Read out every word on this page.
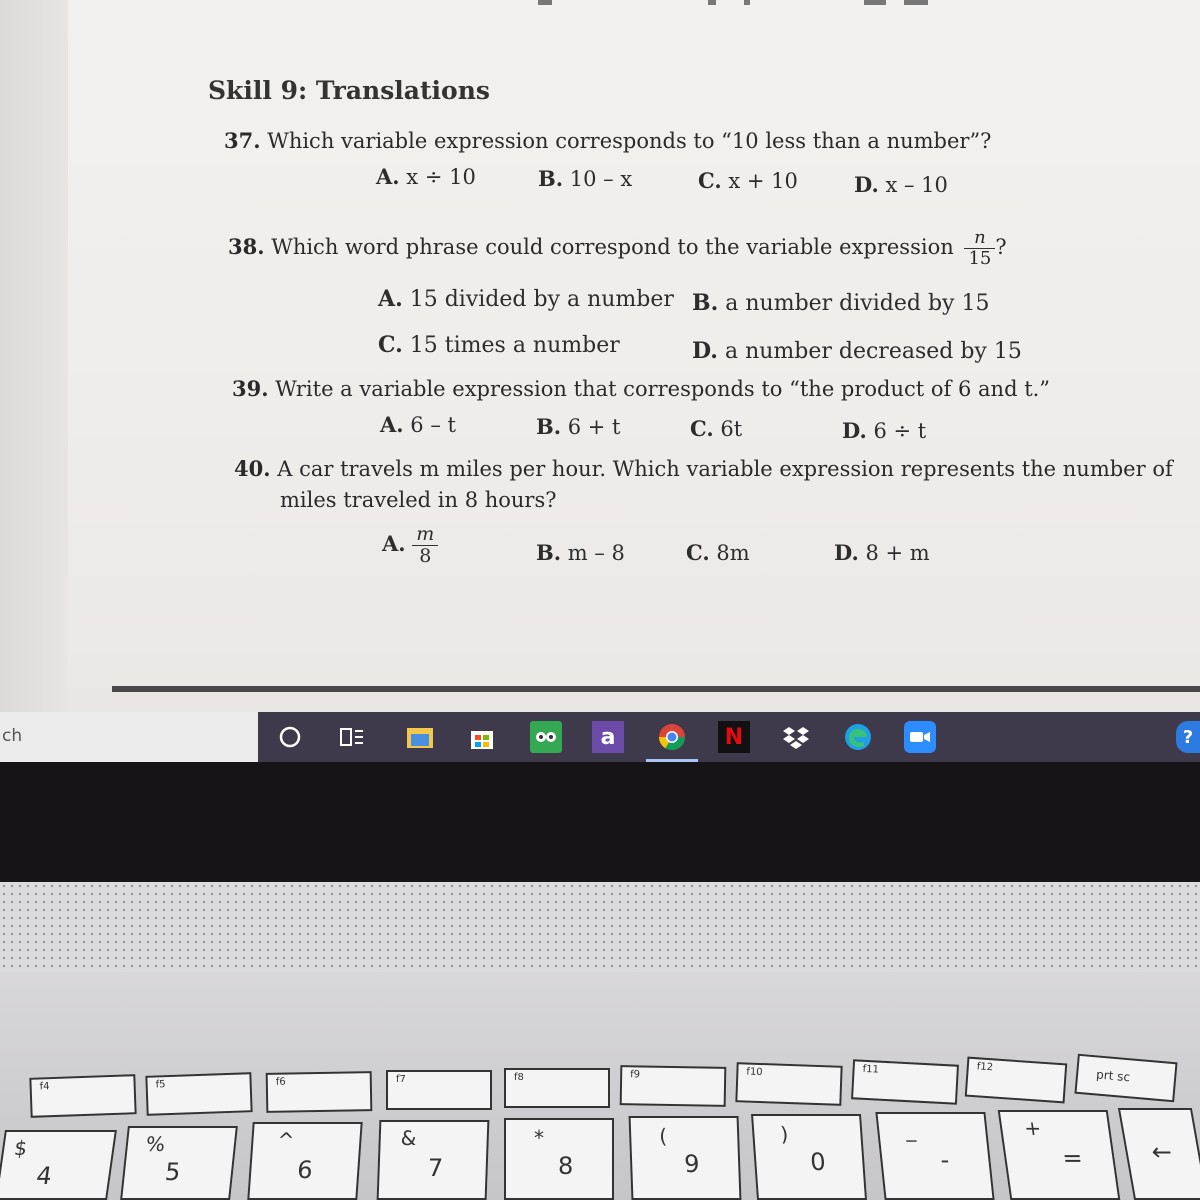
Skill 9: Translations
37. Which variable expression corresponds to “10 less than a number”?
A. x ÷ 10	B. 10 – x	C. x + 10	D. x – 10
38. Which word phrase could correspond to the variable expression $\frac{n}{15}$ ?
A. 15 divided by a number B. a number divided by 15
C. 15 times a number	D. a number decreased by 15
39. Write a variable expression that corresponds to “the product of 6 and t.”
A. 6 – t	B. 6 + t	C. 6t	D. 6 ÷ t
40. A car travels m miles per hour. Which variable expression represents the number of
miles traveled in 8 hours?
A. $\frac{m}{8}$	B. m – 8	C. 8m	D. 8 + m
ch	a	N	?
f4	f5	f6	f7	f8	f9	f10	f11	f12
prt sc
$
4
%
5
^
6
&
7
*
8
(
9
)
0
_
-
+
=	←
